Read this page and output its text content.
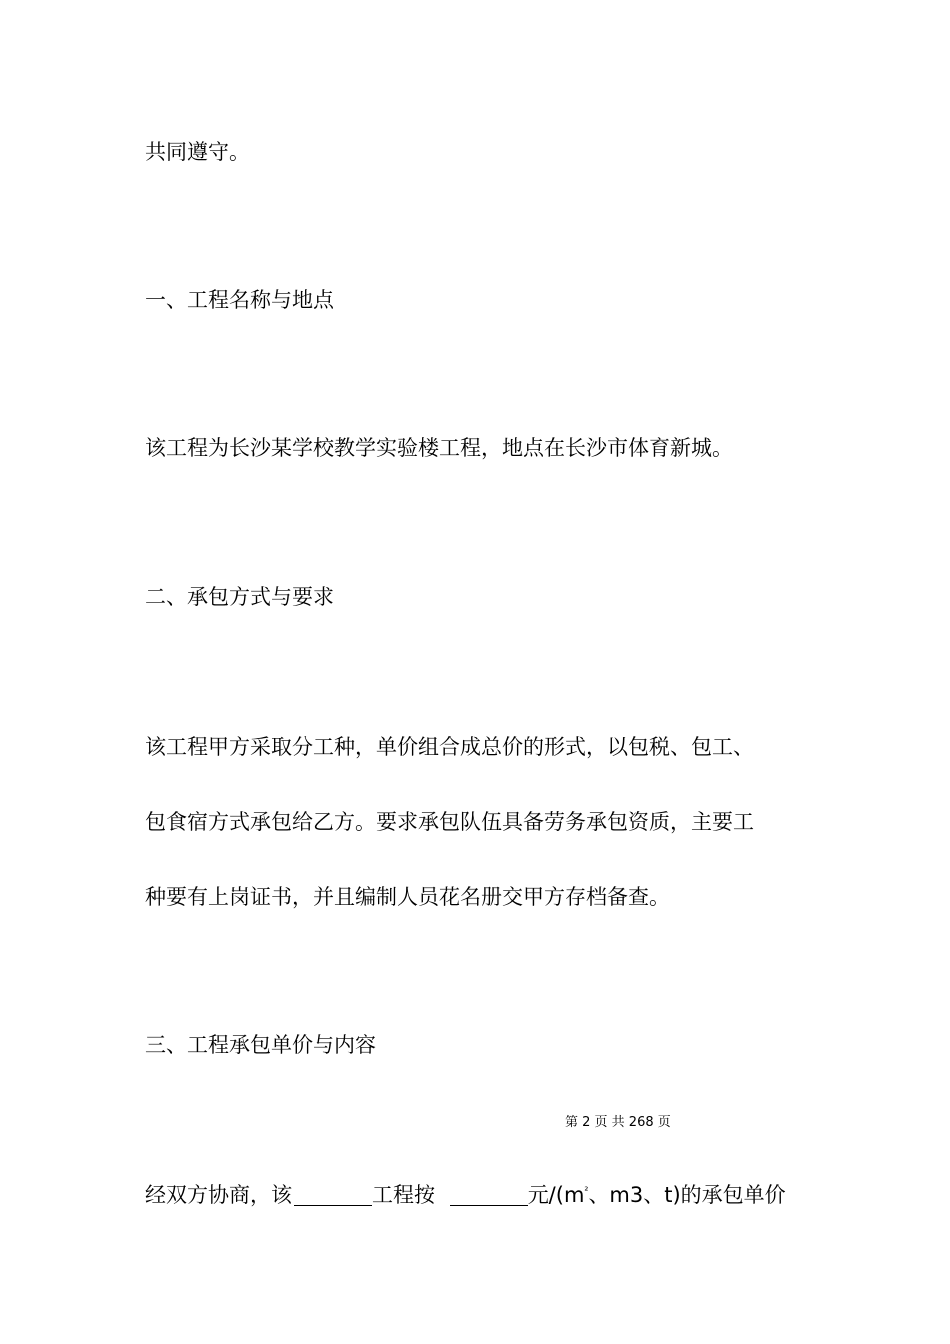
共同遵守。

一、工程名称与地点

该工程为长沙某学校教学实验楼工程，地点在长沙市体育新城。

二、承包方式与要求

该工程甲方采取分工种，单价组合成总价的形式，以包税、包工、

包食宿方式承包给乙方。要求承包队伍具备劳务承包资质，主要工

种要有上岗证书，并且编制人员花名册交甲方存档备查。

三、工程承包单价与内容

第 2 页 共 268 页

经双方协商，该	工程按	元$/(m^{^2}$、m3、t)的承包单价
